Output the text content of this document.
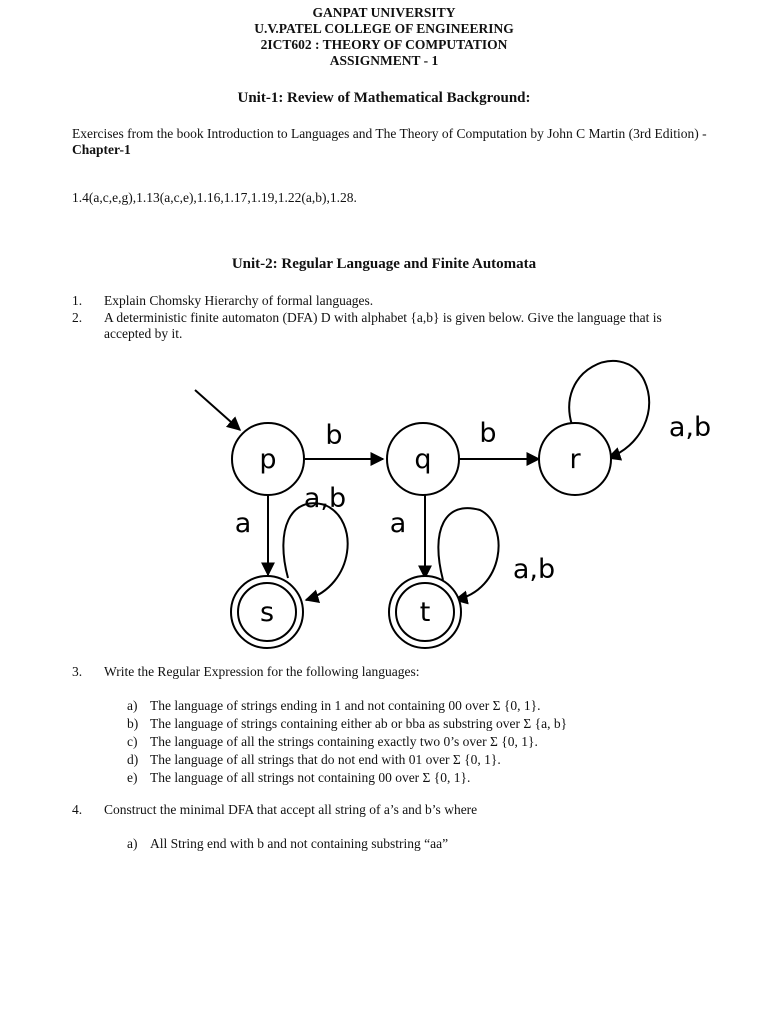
GANPAT UNIVERSITY
U.V.PATEL COLLEGE OF ENGINEERING
2ICT602 : THEORY OF COMPUTATION
ASSIGNMENT - 1
Unit-1: Review of Mathematical Background:
Exercises from the book Introduction to Languages and The Theory of Computation by John C Martin (3rd Edition) - Chapter-1
1.4(a,c,e,g),1.13(a,c,e),1.16,1.17,1.19,1.22(a,b),1.28.
Unit-2: Regular Language and Finite Automata
1. Explain Chomsky Hierarchy of formal languages.
2. A deterministic finite automaton (DFA) D with alphabet {a,b} is given below. Give the language that is
accepted by it.
p	q	r
s	t
b	b	a,b
a
a,b
a
a,b
3. Write the Regular Expression for the following languages:
a) The language of strings ending in 1 and not containing 00 over Σ {0, 1}.
b) The language of strings containing either ab or bba as substring over Σ {a, b}
c) The language of all the strings containing exactly two 0’s over Σ {0, 1}.
d) The language of all strings that do not end with 01 over Σ {0, 1}.
e) The language of all strings not containing 00 over Σ {0, 1}.
4. Construct the minimal DFA that accept all string of a’s and b’s where
a) All String end with b and not containing substring “aa”
